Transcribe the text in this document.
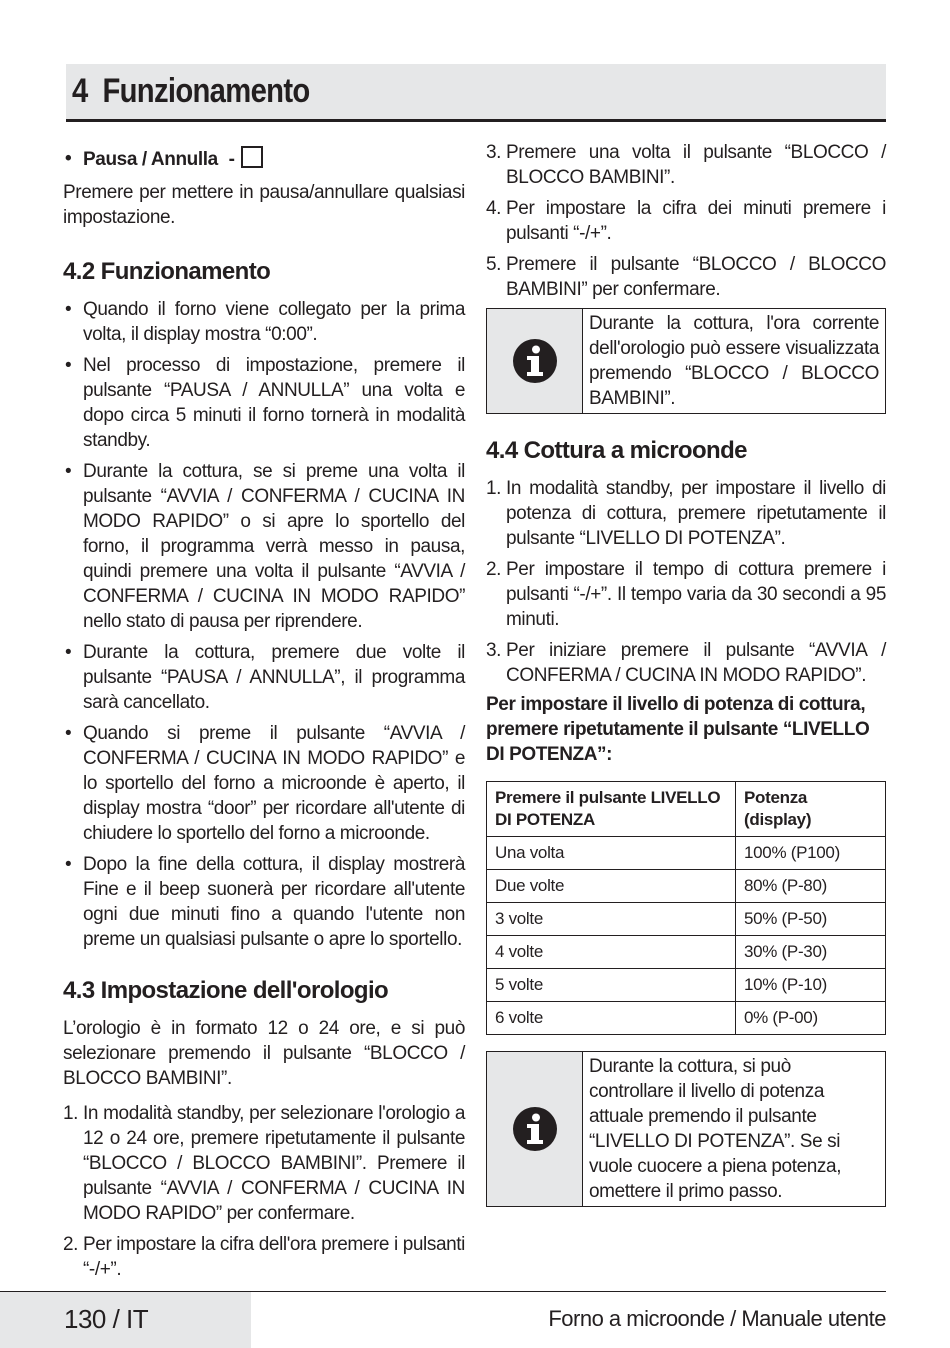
4 Funzionamento
• Pausa / Annulla -

Premere per mettere in pausa/annullare qualsiasi impostazione.

4.2 Funzionamento
• Quando il forno viene collegato per la prima volta, il display mostra “0:00”.
• Nel processo di impostazione, premere il pulsante “PAUSA / ANNULLA” una volta e dopo circa 5 minuti il forno tornerà in modalità standby.
• Durante la cottura, se si preme una volta il pulsante “AVVIA / CONFERMA / CUCINA IN MODO RAPIDO” o si apre lo sportello del forno, il programma verrà messo in pausa, quindi premere una volta il pulsante “AVVIA / CONFERMA / CUCINA IN MODO RAPIDO” nello stato di pausa per riprendere.
• Durante la cottura, premere due volte il pulsante “PAUSA / ANNULLA”, il programma sarà cancellato.
• Quando si preme il pulsante “AVVIA / CONFERMA / CUCINA IN MODO RAPIDO” e lo sportello del forno a microonde è aperto, il display mostra “door” per ricordare all'utente di chiudere lo sportello del forno a microonde.
• Dopo la fine della cottura, il display mostrerà Fine e il beep suonerà per ricordare all'utente ogni due minuti fino a quando l'utente non preme un qualsiasi pulsante o apre lo sportello.
4.3 Impostazione dell'orologio

L’orologio è in formato 12 o 24 ore, e si può selezionare premendo il pulsante “BLOCCO / BLOCCO BAMBINI”.

1. In modalità standby, per selezionare l'orologio a 12 o 24 ore, premere ripetutamente il pulsante “BLOCCO / BLOCCO BAMBINI”. Premere il pulsante “AVVIA / CONFERMA / CUCINA IN MODO RAPIDO” per confermare.
2. Per impostare la cifra dell'ora premere i pulsanti “-/+”.
3. Premere una volta il pulsante “BLOCCO / BLOCCO BAMBINI”.
4. Per impostare la cifra dei minuti premere i pulsanti “-/+”.
5. Premere il pulsante “BLOCCO / BLOCCO BAMBINI” per confermare.
Durante la cottura, l'ora corrente dell'orologio può essere visualizzata premendo “BLOCCO / BLOCCO BAMBINI”.
4.4 Cottura a microonde
1. In modalità standby, per impostare il livello di potenza di cottura, premere ripetutamente il pulsante “LIVELLO DI POTENZA”.
2. Per impostare il tempo di cottura premere i pulsanti “-/+”. Il tempo varia da 30 secondi a 95 minuti.
3. Per iniziare premere il pulsante “AVVIA / CONFERMA / CUCINA IN MODO RAPIDO”.

Per impostare il livello di potenza di cottura, premere ripetutamente il pulsante “LIVELLO DI POTENZA”:

Premere il pulsante LIVELLO DI POTENZA	Potenza (display)
Una volta	100% (P100)
Due volte	80% (P-80)
3 volte	50% (P-50)
4 volte	30% (P-30)
5 volte	10% (P-10)
6 volte	0% (P-00)
Durante la cottura, si può controllare il livello di potenza attuale premendo il pulsante “LIVELLO DI POTENZA”. Se si vuole cuocere a piena potenza, omettere il primo passo.
130 / IT	Forno a microonde / Manuale utente
